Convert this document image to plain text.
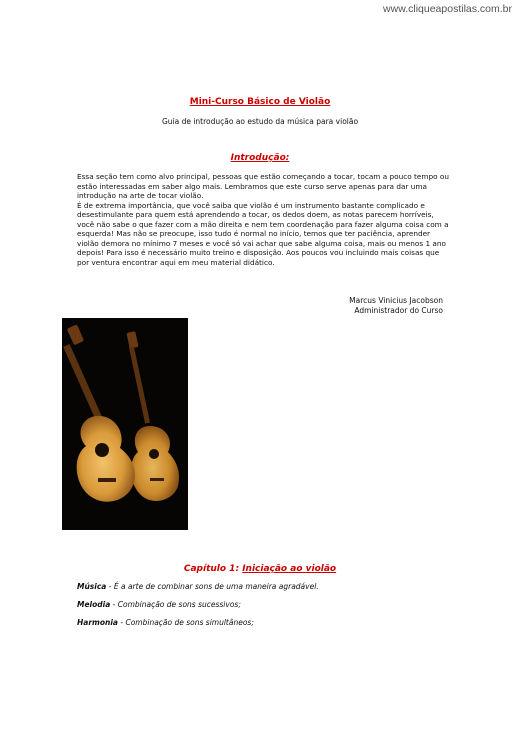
www.cliqueapostilas.com.br
Mini-Curso Básico de Violão
Guia de introdução ao estudo da música para violão
Introdução:

Essa seção tem como alvo principal, pessoas que estão começando a tocar, tocam a pouco tempo ou estão interessadas em saber algo mais. Lembramos que este curso serve apenas para dar uma introdução na arte de tocar violão.

É de extrema importância, que você saiba que violão é um instrumento bastante complicado e desestimulante para quem está aprendendo a tocar, os dedos doem, as notas parecem horríveis, você não sabe o que fazer com a mão direita e nem tem coordenação para fazer alguma coisa com a esquerda! Mas não se preocupe, isso tudo é normal no início, temos que ter paciência, aprender violão demora no mínimo 7 meses e você só vai achar que sabe alguma coisa, mais ou menos 1 ano depois! Para isso é necessário muito treino e disposição. Aos poucos vou incluindo mais coisas que por ventura encontrar aqui em meu material didático.

Marcus Vinicius Jacobson
Administrador do Curso
Capítulo 1: Iniciação ao violão
Música - É a arte de combinar sons de uma maneira agradável.
Melodia - Combinação de sons sucessivos;
Harmonia - Combinação de sons simultâneos;
